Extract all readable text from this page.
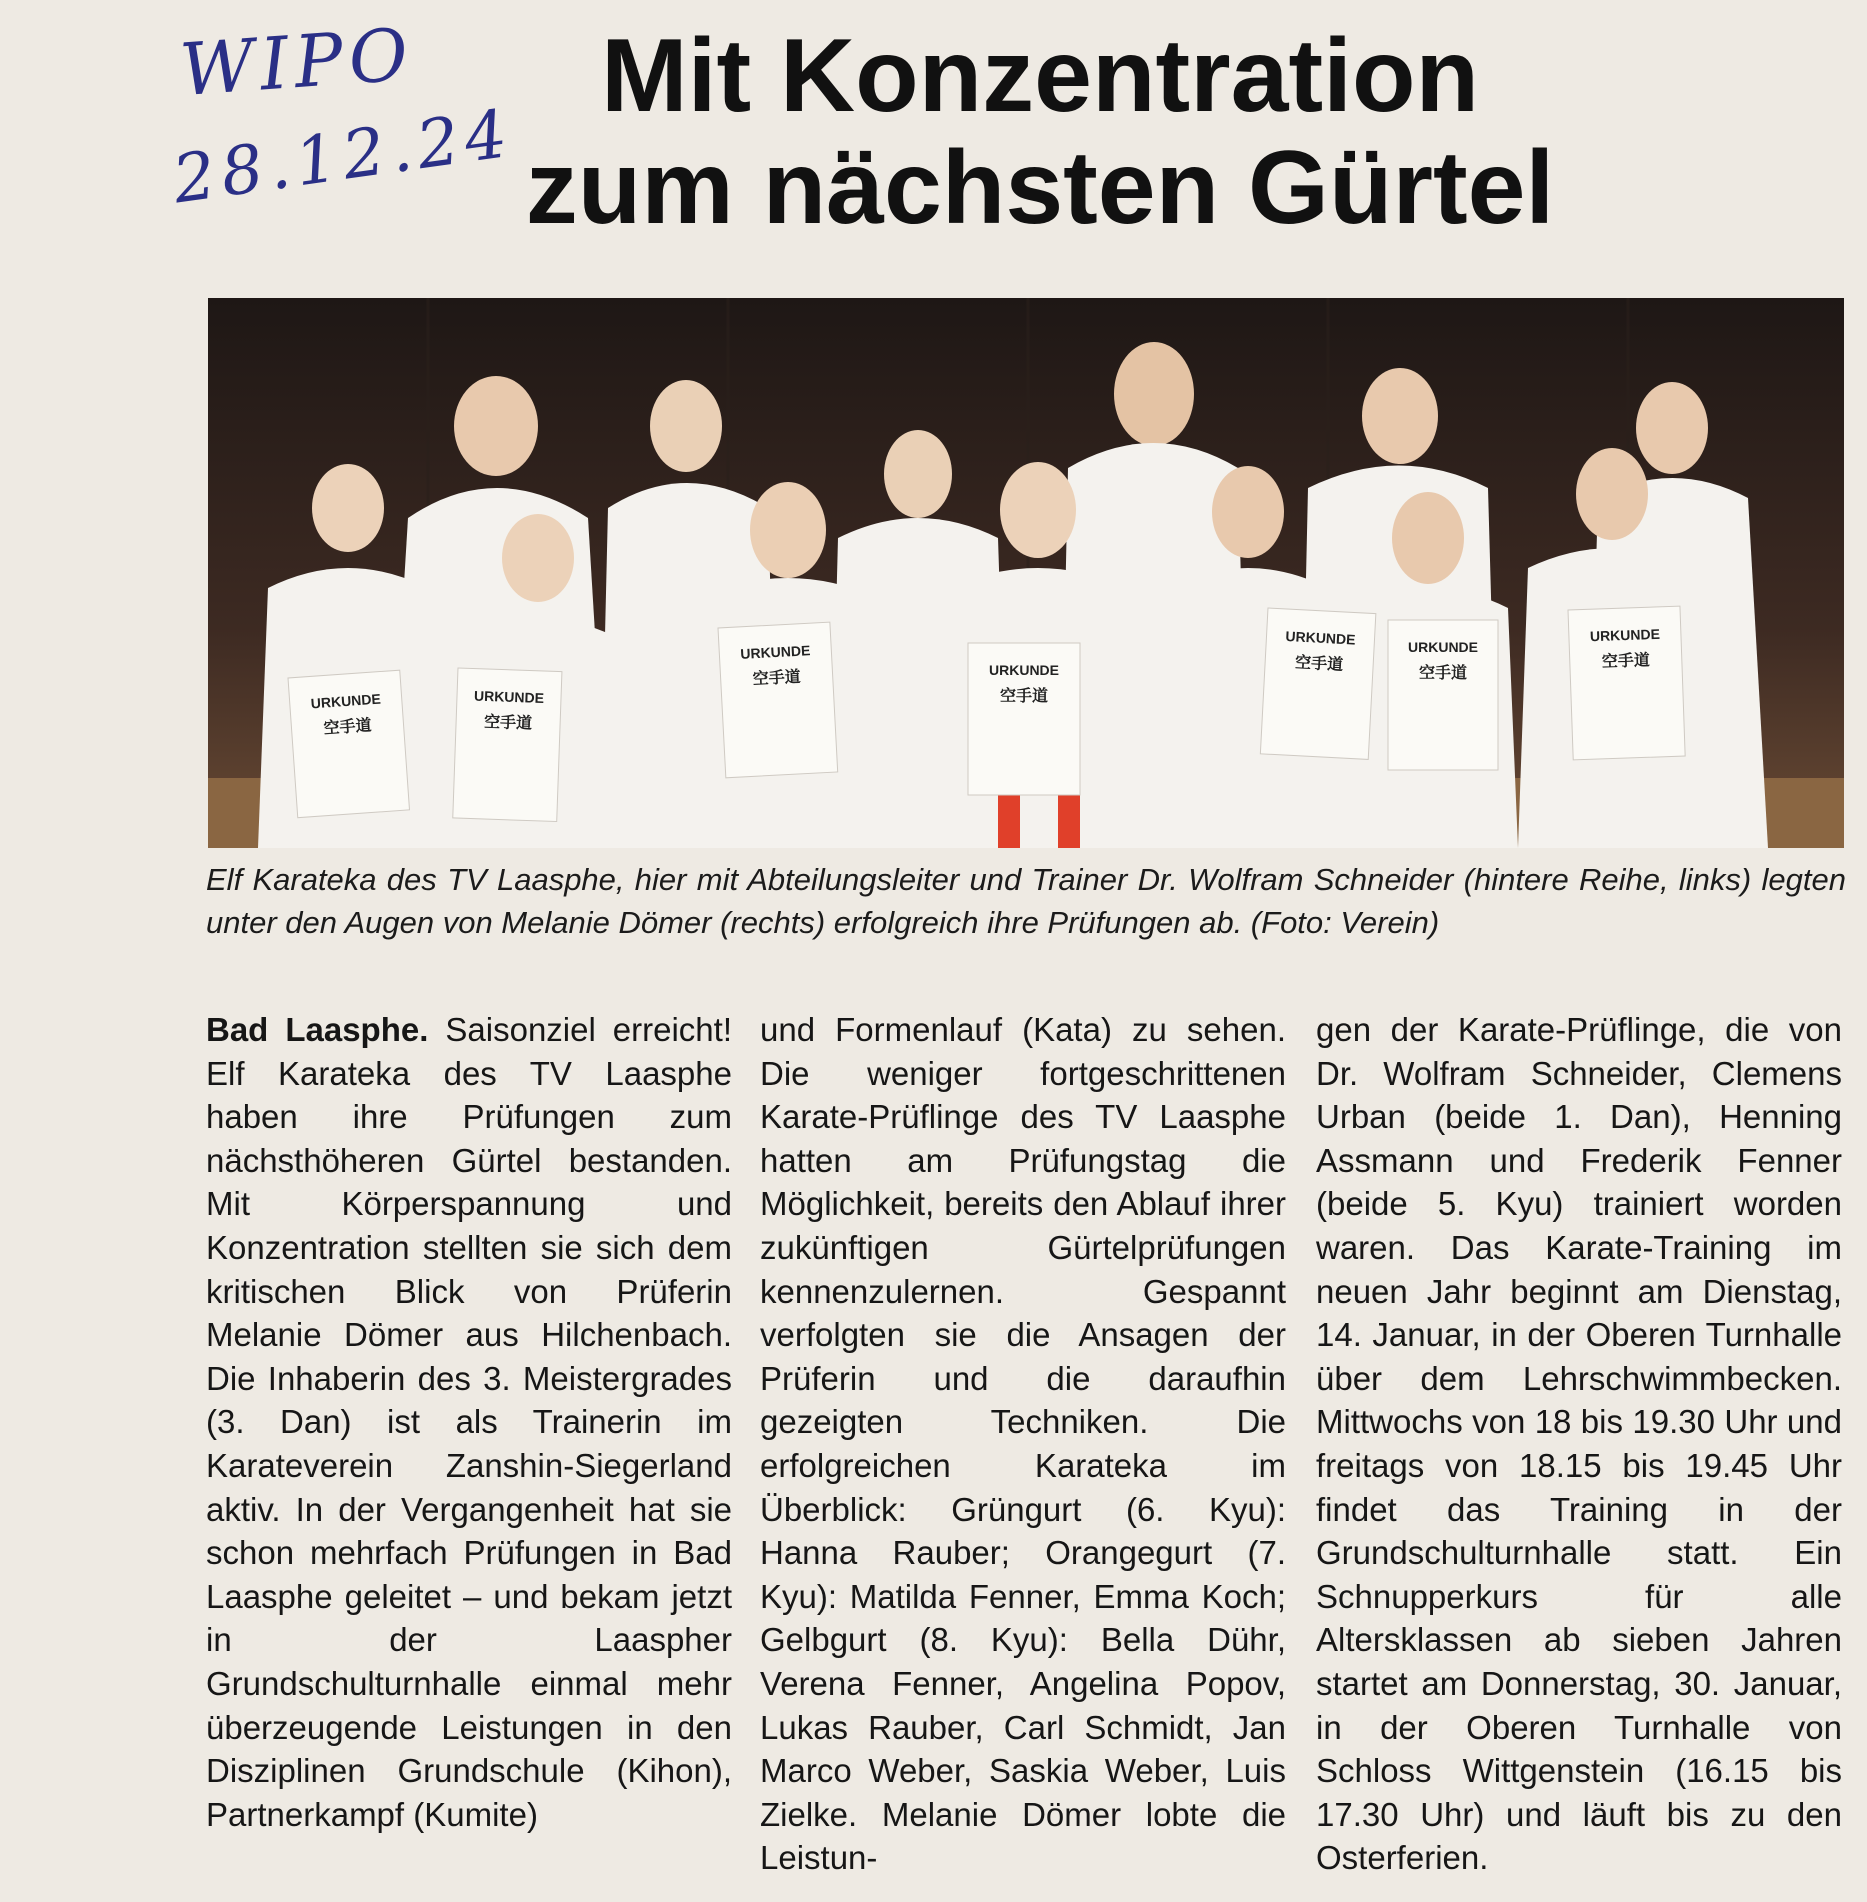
WIPO
28.12.24
Mit Konzentration
zum nächsten Gürtel
URKUNDE
空手道
URKUNDE
空手道
URKUNDE
空手道	URKUNDE
空手道
URKUNDE
空手道
URKUNDE
空手道
URKUNDE
空手道
Elf Karateka des TV Laasphe, hier mit Abteilungsleiter und Trainer Dr. Wolfram Schneider (hintere Reihe, links) legten unter den Augen von Melanie Dömer (rechts) erfolgreich ihre Prüfungen ab. (Foto: Verein)

Bad Laasphe. Saisonziel erreicht! Elf Karateka des TV Laasphe haben ihre Prüfungen zum nächsthöheren Gürtel bestanden. Mit Körperspannung und Konzentration stellten sie sich dem kritischen Blick von Prüferin Melanie Dömer aus Hilchenbach. Die Inhaberin des 3. Meistergrades (3. Dan) ist als Trainerin im Karateverein Zanshin-Siegerland aktiv. In der Vergangenheit hat sie schon mehrfach Prüfungen in Bad Laasphe geleitet – und bekam jetzt in der Laaspher Grundschulturnhalle einmal mehr überzeugende Leistungen in den Disziplinen Grundschule (Kihon), Partnerkampf (Kumite)

und Formenlauf (Kata) zu sehen. Die weniger fortgeschrittenen Karate-Prüflinge des TV Laasphe hatten am Prüfungstag die Möglichkeit, bereits den Ablauf ihrer zukünftigen Gürtelprüfungen kennenzulernen. Gespannt verfolgten sie die Ansagen der Prüferin und die daraufhin gezeigten Techniken. Die erfolgreichen Karateka im Überblick: Grüngurt (6. Kyu): Hanna Rauber; Orangegurt (7. Kyu): Matilda Fenner, Emma Koch; Gelbgurt (8. Kyu): Bella Dühr, Verena Fenner, Angelina Popov, Lukas Rauber, Carl Schmidt, Jan Marco Weber, Saskia Weber, Luis Zielke. Melanie Dömer lobte die Leistun-

gen der Karate-Prüflinge, die von Dr. Wolfram Schneider, Clemens Urban (beide 1. Dan), Henning Assmann und Frederik Fenner (beide 5. Kyu) trainiert worden waren. Das Karate-Training im neuen Jahr beginnt am Dienstag, 14. Januar, in der Oberen Turnhalle über dem Lehrschwimmbecken. Mittwochs von 18 bis 19.30 Uhr und freitags von 18.15 bis 19.45 Uhr findet das Training in der Grundschulturnhalle statt. Ein Schnupperkurs für alle Altersklassen ab sieben Jahren startet am Donnerstag, 30. Januar, in der Oberen Turnhalle von Schloss Wittgenstein (16.15 bis 17.30 Uhr) und läuft bis zu den Osterferien.
